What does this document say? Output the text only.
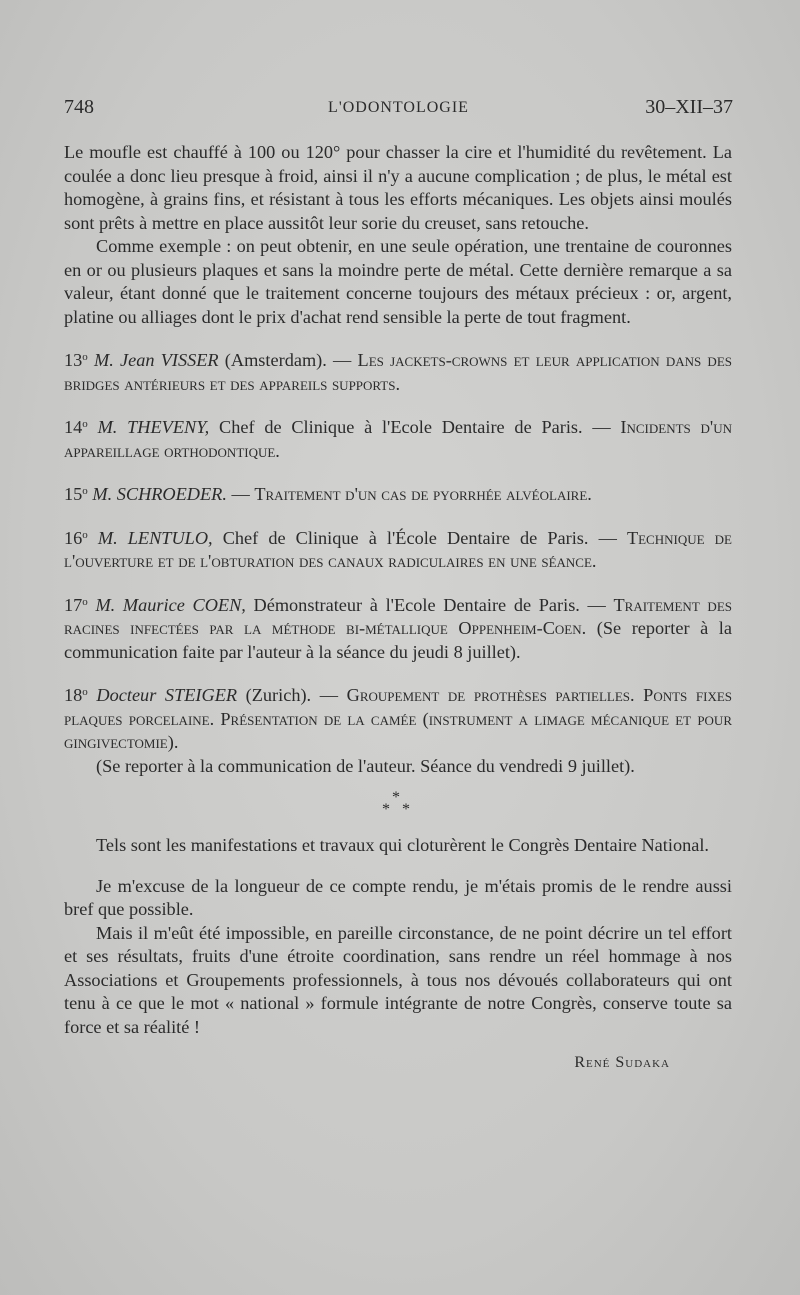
748	L'ODONTOLOGIE	30–XII–37

Le moufle est chauffé à 100 ou 120° pour chasser la cire et l'humidité du revêtement. La coulée a donc lieu presque à froid, ainsi il n'y a aucune complication ; de plus, le métal est homogène, à grains fins, et résistant à tous les efforts mécaniques. Les objets ainsi moulés sont prêts à mettre en place aussitôt leur sorie du creuset, sans retouche.

Comme exemple : on peut obtenir, en une seule opération, une trentaine de couronnes en or ou plusieurs plaques et sans la moindre perte de métal. Cette dernière remarque a sa valeur, étant donné que le traitement concerne toujours des métaux précieux : or, argent, platine ou alliages dont le prix d'achat rend sensible la perte de tout fragment.

13$^o$ M. Jean VISSER (Amsterdam). — Les jackets-crowns et leur application dans des bridges antérieurs et des appareils supports.

14$^o$ M. THEVENY, Chef de Clinique à l'Ecole Dentaire de Paris. — Incidents d'un appareillage orthodontique.

15$^o$ M. SCHROEDER. — Traitement d'un cas de pyorrhée alvéolaire.

16$^o$ M. LENTULO, Chef de Clinique à l'École Dentaire de Paris. — Technique de l'ouverture et de l'obturation des canaux radiculaires en une séance.

17$^o$ M. Maurice COEN, Démonstrateur à l'Ecole Dentaire de Paris. — Traitement des racines infectées par la méthode bi-métallique Oppenheim-Coen. (Se reporter à la communication faite par l'auteur à la séance du jeudi 8 juillet).

18$^o$ Docteur STEIGER (Zurich). — Groupement de prothèses partielles. Ponts fixes plaques porcelaine. Présentation de la camée (instrument a limage mécanique et pour gingivectomie).

(Se reporter à la communication de l'auteur. Séance du vendredi 9 juillet).

*
* *

Tels sont les manifestations et travaux qui cloturèrent le Congrès Dentaire National.

Je m'excuse de la longueur de ce compte rendu, je m'étais promis de le rendre aussi bref que possible.

Mais il m'eût été impossible, en pareille circonstance, de ne point décrire un tel effort et ses résultats, fruits d'une étroite coordination, sans rendre un réel hommage à nos Associations et Groupements professionnels, à tous nos dévoués collaborateurs qui ont tenu à ce que le mot « national » formule intégrante de notre Congrès, conserve toute sa force et sa réalité !

René Sudaka
